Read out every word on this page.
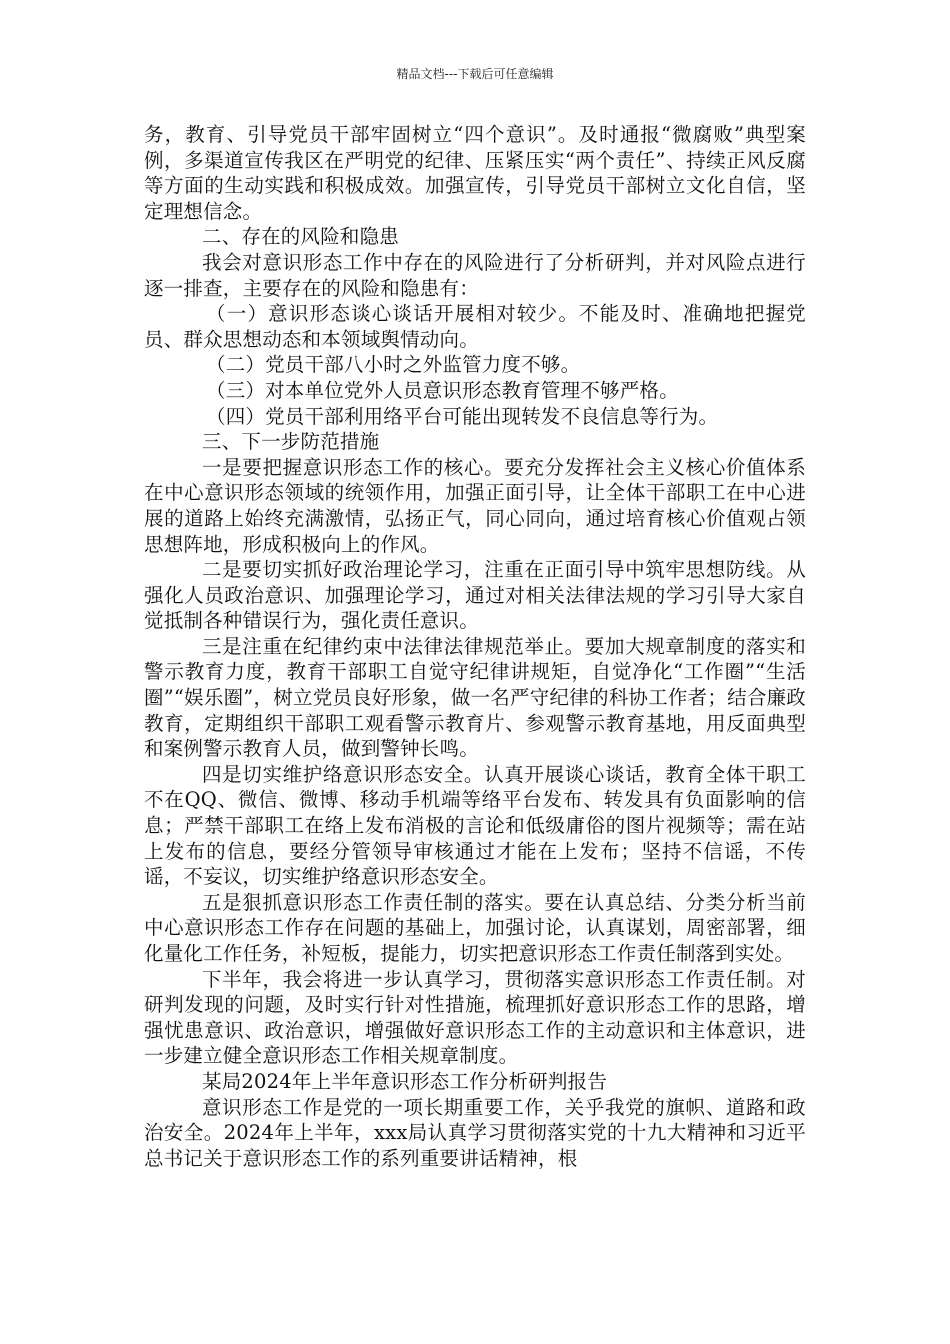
精品文档---下载后可任意编辑

务，教育、引导党员干部牢固树立“四个意识”。及时通报“微腐败”典型案例，多渠道宣传我区在严明党的纪律、压紧压实“两个责任”、持续正风反腐等方面的生动实践和积极成效。加强宣传，引导党员干部树立文化自信，坚定理想信念。

二、存在的风险和隐患

我会对意识形态工作中存在的风险进行了分析研判，并对风险点进行逐一排查，主要存在的风险和隐患有：

（一）意识形态谈心谈话开展相对较少。不能及时、准确地把握党员、群众思想动态和本领域舆情动向。

（二）党员干部八小时之外监管力度不够。

（三）对本单位党外人员意识形态教育管理不够严格。

（四）党员干部利用络平台可能出现转发不良信息等行为。

三、下一步防范措施

一是要把握意识形态工作的核心。要充分发挥社会主义核心价值体系在中心意识形态领域的统领作用，加强正面引导，让全体干部职工在中心进展的道路上始终充满激情，弘扬正气，同心同向，通过培育核心价值观占领思想阵地，形成积极向上的作风。

二是要切实抓好政治理论学习，注重在正面引导中筑牢思想防线。从强化人员政治意识、加强理论学习，通过对相关法律法规的学习引导大家自觉抵制各种错误行为，强化责任意识。

三是注重在纪律约束中法律法律规范举止。要加大规章制度的落实和警示教育力度，教育干部职工自觉守纪律讲规矩，自觉净化“工作圈”“生活圈”“娱乐圈”，树立党员良好形象，做一名严守纪律的科协工作者；结合廉政教育，定期组织干部职工观看警示教育片、参观警示教育基地，用反面典型和案例警示教育人员，做到警钟长鸣。

四是切实维护络意识形态安全。认真开展谈心谈话，教育全体干职工不在QQ、微信、微博、移动手机端等络平台发布、转发具有负面影响的信息；严禁干部职工在络上发布消极的言论和低级庸俗的图片视频等；需在站上发布的信息，要经分管领导审核通过才能在上发布；坚持不信谣，不传谣，不妄议，切实维护络意识形态安全。

五是狠抓意识形态工作责任制的落实。要在认真总结、分类分析当前中心意识形态工作存在问题的基础上，加强讨论，认真谋划，周密部署，细化量化工作任务，补短板，提能力，切实把意识形态工作责任制落到实处。

下半年，我会将进一步认真学习，贯彻落实意识形态工作责任制。对研判发现的问题，及时实行针对性措施，梳理抓好意识形态工作的思路，增强忧患意识、政治意识，增强做好意识形态工作的主动意识和主体意识，进一步建立健全意识形态工作相关规章制度。

某局2024年上半年意识形态工作分析研判报告

意识形态工作是党的一项长期重要工作，关乎我党的旗帜、道路和政治安全。2024年上半年，xxx局认真学习贯彻落实党的十九大精神和习近平总书记关于意识形态工作的系列重要讲话精神，根
